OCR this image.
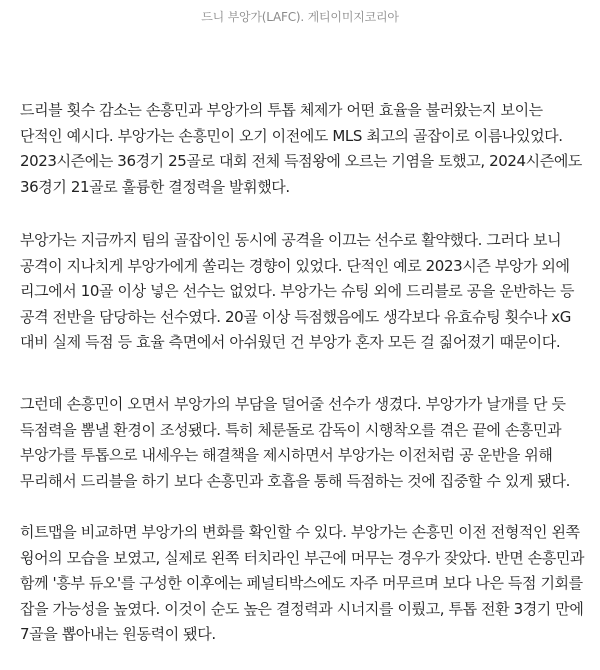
드니 부앙가(LAFC). 게티이미지코리아

드리블 횟수 감소는 손흥민과 부앙가의 투톱 체제가 어떤 효율을 불러왔는지 보이는 단적인 예시다. 부앙가는 손흥민이 오기 이전에도 MLS 최고의 골잡이로 이름나있었다. 2023시즌에는 36경기 25골로 대회 전체 득점왕에 오르는 기염을 토했고, 2024시즌에도 36경기 21골로 훌륭한 결정력을 발휘했다.

부앙가는 지금까지 팀의 골잡이인 동시에 공격을 이끄는 선수로 활약했다. 그러다 보니 공격이 지나치게 부앙가에게 쏠리는 경향이 있었다. 단적인 예로 2023시즌 부앙가 외에 리그에서 10골 이상 넣은 선수는 없었다. 부앙가는 슈팅 외에 드리블로 공을 운반하는 등 공격 전반을 담당하는 선수였다. 20골 이상 득점했음에도 생각보다 유효슈팅 횟수나 xG 대비 실제 득점 등 효율 측면에서 아쉬웠던 건 부앙가 혼자 모든 걸 짊어졌기 때문이다.

그런데 손흥민이 오면서 부앙가의 부담을 덜어줄 선수가 생겼다. 부앙가가 날개를 단 듯 득점력을 뽐낼 환경이 조성됐다. 특히 체룬돌로 감독이 시행착오를 겪은 끝에 손흥민과 부앙가를 투톱으로 내세우는 해결책을 제시하면서 부앙가는 이전처럼 공 운반을 위해 무리해서 드리블을 하기 보다 손흥민과 호흡을 통해 득점하는 것에 집중할 수 있게 됐다.

히트맵을 비교하면 부앙가의 변화를 확인할 수 있다. 부앙가는 손흥민 이전 전형적인 왼쪽 윙어의 모습을 보였고, 실제로 왼쪽 터치라인 부근에 머무는 경우가 잦았다. 반면 손흥민과 함께 '흥부 듀오'를 구성한 이후에는 페널티박스에도 자주 머무르며 보다 나은 득점 기회를 잡을 가능성을 높였다. 이것이 순도 높은 결정력과 시너지를 이뤘고, 투톱 전환 3경기 만에 7골을 뽑아내는 원동력이 됐다.
